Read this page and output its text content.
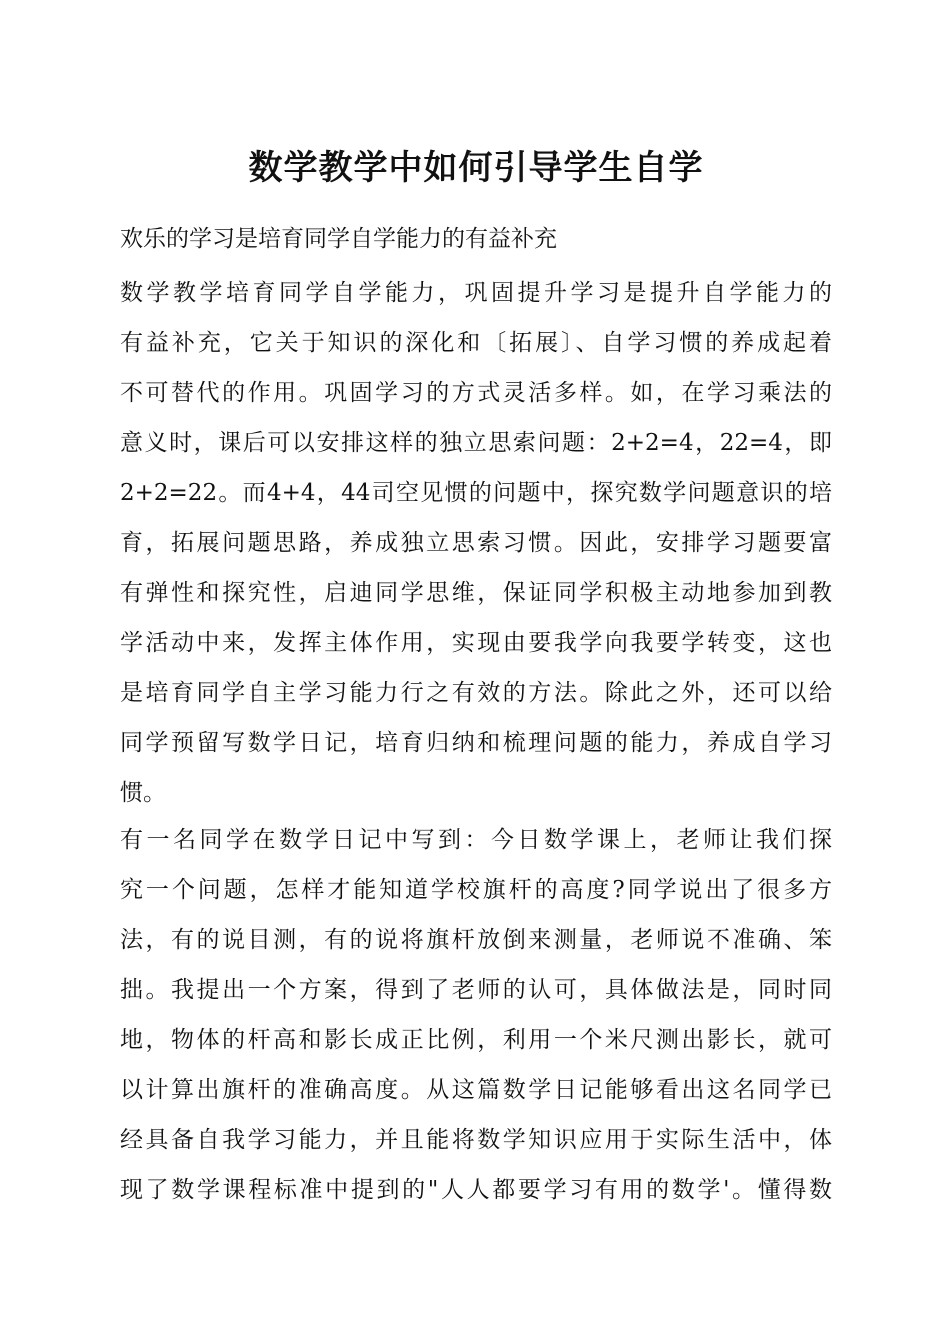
数学教学中如何引导学生自学

欢乐的学习是培育同学自学能力的有益补充

数学教学培育同学自学能力，巩固提升学习是提升自学能力的
有益补充，它关于知识的深化和〔拓展〕、自学习惯的养成起着
不可替代的作用。巩固学习的方式灵活多样。如，在学习乘法的
意义时，课后可以安排这样的独立思索问题：2+2=4，22=4，即
2+2=22。而4+4，44司空见惯的问题中，探究数学问题意识的培
育，拓展问题思路，养成独立思索习惯。因此，安排学习题要富
有弹性和探究性，启迪同学思维，保证同学积极主动地参加到教
学活动中来，发挥主体作用，实现由要我学向我要学转变，这也
是培育同学自主学习能力行之有效的方法。除此之外，还可以给
同学预留写数学日记，培育归纳和梳理问题的能力，养成自学习
惯。
有一名同学在数学日记中写到：今日数学课上，老师让我们探
究一个问题，怎样才能知道学校旗杆的高度?同学说出了很多方
法，有的说目测，有的说将旗杆放倒来测量，老师说不准确、笨
拙。我提出一个方案，得到了老师的认可，具体做法是，同时同
地，物体的杆高和影长成正比例，利用一个米尺测出影长，就可
以计算出旗杆的准确高度。从这篇数学日记能够看出这名同学已
经具备自我学习能力，并且能将数学知识应用于实际生活中，体
现了数学课程标准中提到的"人人都要学习有用的数学'。懂得数
